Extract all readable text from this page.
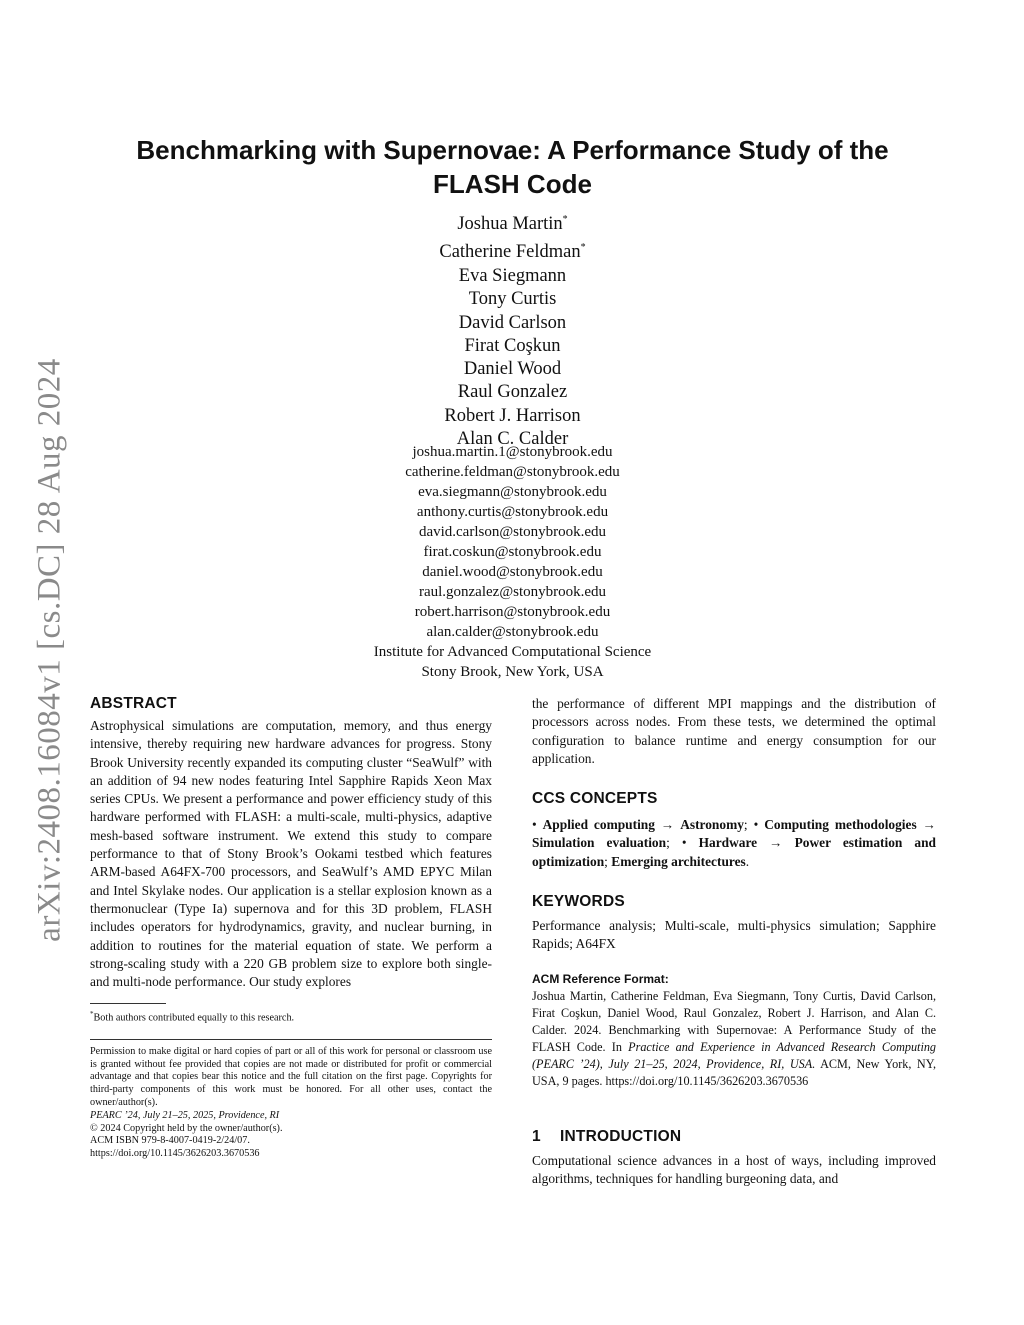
arXiv:2408.16084v1 [cs.DC] 28 Aug 2024
Benchmarking with Supernovae: A Performance Study of the
FLASH Code
Joshua Martin*
Catherine Feldman*
Eva Siegmann
Tony Curtis
David Carlson
Firat Coşkun
Daniel Wood
Raul Gonzalez
Robert J. Harrison
Alan C. Calder
joshua.martin.1@stonybrook.edu
catherine.feldman@stonybrook.edu
eva.siegmann@stonybrook.edu
anthony.curtis@stonybrook.edu
david.carlson@stonybrook.edu
firat.coskun@stonybrook.edu
daniel.wood@stonybrook.edu
raul.gonzalez@stonybrook.edu
robert.harrison@stonybrook.edu
alan.calder@stonybrook.edu
Institute for Advanced Computational Science
Stony Brook, New York, USA
ABSTRACT

Astrophysical simulations are computation, memory, and thus energy intensive, thereby requiring new hardware advances for progress. Stony Brook University recently expanded its computing cluster “SeaWulf” with an addition of 94 new nodes featuring Intel Sapphire Rapids Xeon Max series CPUs. We present a performance and power efficiency study of this hardware performed with FLASH: a multi-scale, multi-physics, adaptive mesh-based software instrument. We extend this study to compare performance to that of Stony Brook’s Ookami testbed which features ARM-based A64FX-700 processors, and SeaWulf’s AMD EPYC Milan and Intel Skylake nodes. Our application is a stellar explosion known as a thermonuclear (Type Ia) supernova and for this 3D problem, FLASH includes operators for hydrodynamics, gravity, and nuclear burning, in addition to routines for the material equation of state. We perform a strong-scaling study with a 220 GB problem size to explore both single- and multi-node performance. Our study explores

*Both authors contributed equally to this research.
Permission to make digital or hard copies of part or all of this work for personal or classroom use is granted without fee provided that copies are not made or distributed for profit or commercial advantage and that copies bear this notice and the full citation on the first page. Copyrights for third-party components of this work must be honored. For all other uses, contact the owner/author(s).
PEARC ’24, July 21–25, 2025, Providence, RI
© 2024 Copyright held by the owner/author(s).
ACM ISBN 979-8-4007-0419-2/24/07.
https://doi.org/10.1145/3626203.3670536

the performance of different MPI mappings and the distribution of processors across nodes. From these tests, we determined the optimal configuration to balance runtime and energy consumption for our application.

CCS CONCEPTS
• Applied computing → Astronomy; • Computing methodologies → Simulation evaluation; • Hardware → Power estimation and optimization; Emerging architectures.
KEYWORDS

Performance analysis; Multi-scale, multi-physics simulation; Sapphire Rapids; A64FX

ACM Reference Format:
Joshua Martin, Catherine Feldman, Eva Siegmann, Tony Curtis, David Carlson, Firat Coşkun, Daniel Wood, Raul Gonzalez, Robert J. Harrison, and Alan C. Calder. 2024. Benchmarking with Supernovae: A Performance Study of the FLASH Code. In Practice and Experience in Advanced Research Computing (PEARC ’24), July 21–25, 2024, Providence, RI, USA. ACM, New York, NY, USA, 9 pages. https://doi.org/10.1145/3626203.3670536
1 INTRODUCTION

Computational science advances in a host of ways, including improved algorithms, techniques for handling burgeoning data, and
